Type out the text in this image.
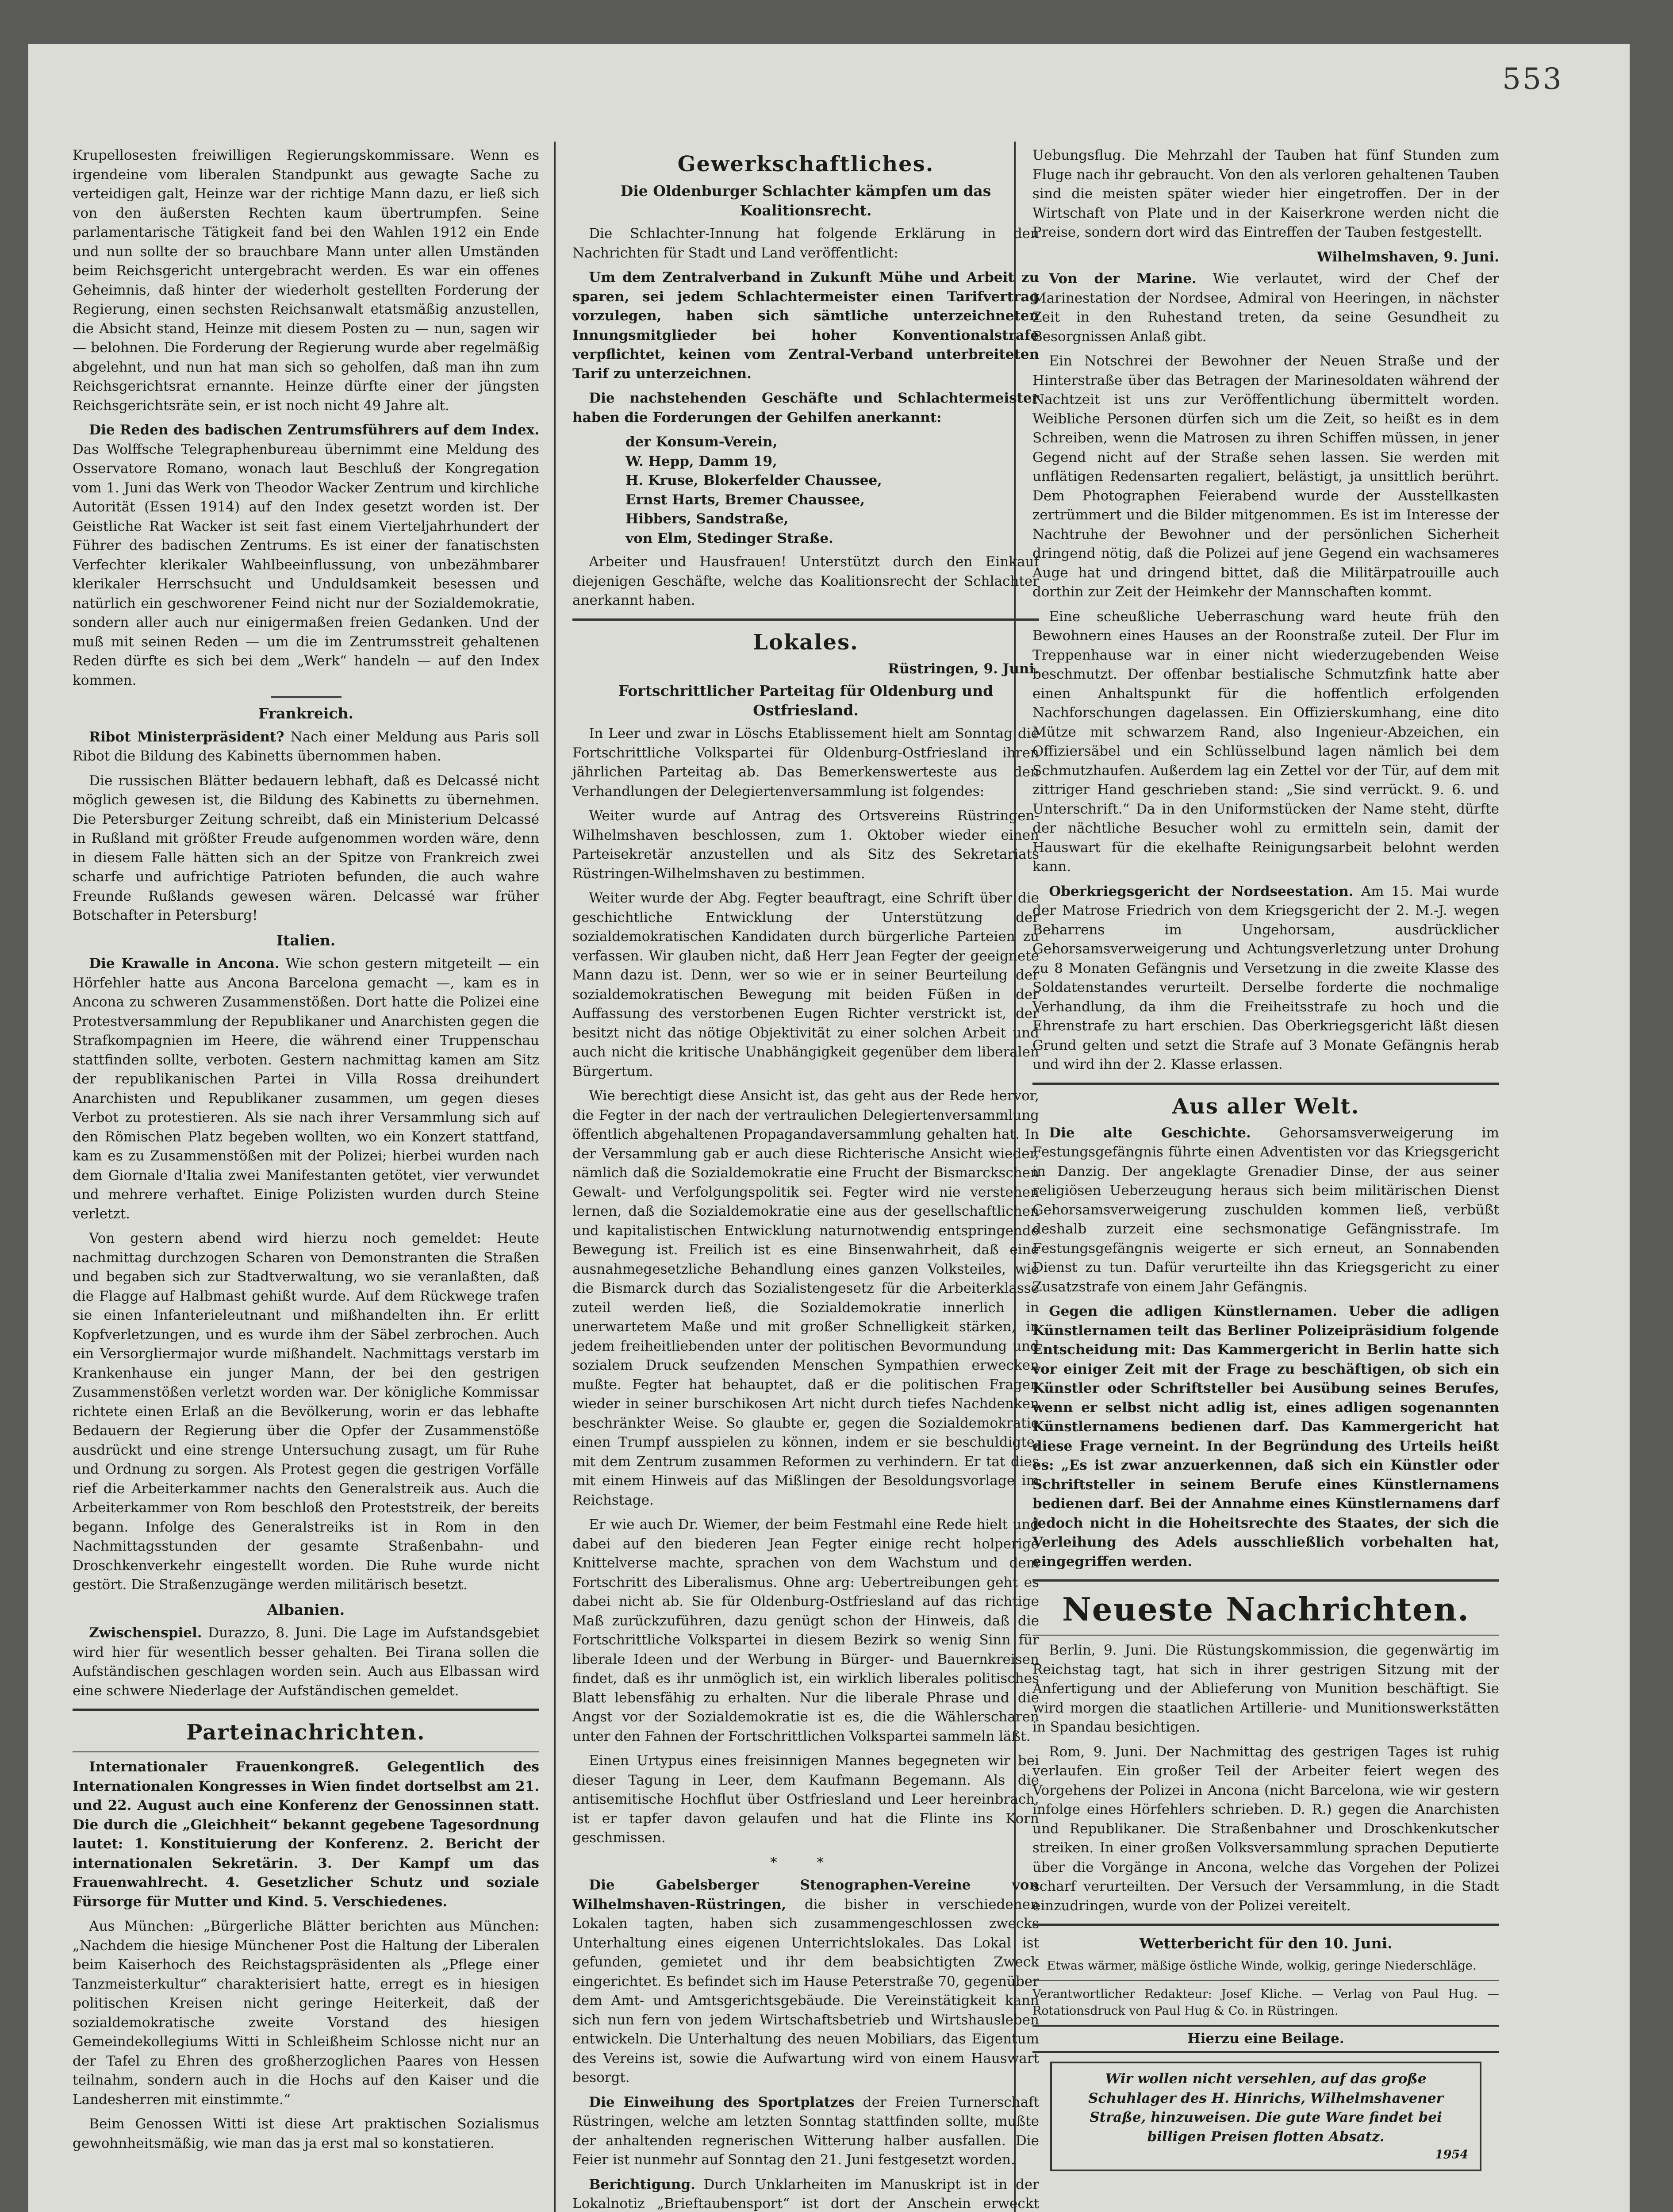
553

Krupellosesten freiwilligen Regierungskommissare. Wenn es irgendeine vom liberalen Standpunkt aus gewagte Sache zu verteidigen galt, Heinze war der richtige Mann dazu, er ließ sich von den äußersten Rechten kaum übertrumpfen. Seine parlamentarische Tätigkeit fand bei den Wahlen 1912 ein Ende und nun sollte der so brauchbare Mann unter allen Umständen beim Reichsgericht untergebracht werden. Es war ein offenes Geheimnis, daß hinter der wiederholt gestellten Forderung der Regierung, einen sechsten Reichsanwalt etatsmäßig anzustellen, die Absicht stand, Heinze mit diesem Posten zu — nun, sagen wir — belohnen. Die Forderung der Regierung wurde aber regelmäßig abgelehnt, und nun hat man sich so geholfen, daß man ihn zum Reichsgerichtsrat ernannte. Heinze dürfte einer der jüngsten Reichsgerichtsräte sein, er ist noch nicht 49 Jahre alt.

Die Reden des badischen Zentrumsführers auf dem Index. Das Wolffsche Telegraphenbureau übernimmt eine Meldung des Osservatore Romano, wonach laut Beschluß der Kongregation vom 1. Juni das Werk von Theodor Wacker Zentrum und kirchliche Autorität (Essen 1914) auf den Index gesetzt worden ist. Der Geistliche Rat Wacker ist seit fast einem Vierteljahrhundert der Führer des badischen Zentrums. Es ist einer der fanatischsten Verfechter klerikaler Wahlbeeinflussung, von unbezähmbarer klerikaler Herrschsucht und Unduldsamkeit besessen und natürlich ein geschworener Feind nicht nur der Sozialdemokratie, sondern aller auch nur einigermaßen freien Gedanken. Und der muß mit seinen Reden — um die im Zentrumsstreit gehaltenen Reden dürfte es sich bei dem „Werk“ handeln — auf den Index kommen.

Frankreich.

Ribot Ministerpräsident? Nach einer Meldung aus Paris soll Ribot die Bildung des Kabinetts übernommen haben.

Die russischen Blätter bedauern lebhaft, daß es Delcassé nicht möglich gewesen ist, die Bildung des Kabinetts zu übernehmen. Die Petersburger Zeitung schreibt, daß ein Ministerium Delcassé in Rußland mit größter Freude aufgenommen worden wäre, denn in diesem Falle hätten sich an der Spitze von Frankreich zwei scharfe und aufrichtige Patrioten befunden, die auch wahre Freunde Rußlands gewesen wären. Delcassé war früher Botschafter in Petersburg!

Italien.

Die Krawalle in Ancona. Wie schon gestern mitgeteilt — ein Hörfehler hatte aus Ancona Barcelona gemacht —, kam es in Ancona zu schweren Zusammenstößen. Dort hatte die Polizei eine Protestversammlung der Republikaner und Anarchisten gegen die Strafkompagnien im Heere, die während einer Truppenschau stattfinden sollte, verboten. Gestern nachmittag kamen am Sitz der republikanischen Partei in Villa Rossa dreihundert Anarchisten und Republikaner zusammen, um gegen dieses Verbot zu protestieren. Als sie nach ihrer Versammlung sich auf den Römischen Platz begeben wollten, wo ein Konzert stattfand, kam es zu Zusammenstößen mit der Polizei; hierbei wurden nach dem Giornale d'Italia zwei Manifestanten getötet, vier verwundet und mehrere verhaftet. Einige Polizisten wurden durch Steine verletzt.

Von gestern abend wird hierzu noch gemeldet: Heute nachmittag durchzogen Scharen von Demonstranten die Straßen und begaben sich zur Stadtverwaltung, wo sie veranlaßten, daß die Flagge auf Halbmast gehißt wurde. Auf dem Rückwege trafen sie einen Infanterieleutnant und mißhandelten ihn. Er erlitt Kopfverletzungen, und es wurde ihm der Säbel zerbrochen. Auch ein Versorgliermajor wurde mißhandelt. Nachmittags verstarb im Krankenhause ein junger Mann, der bei den gestrigen Zusammenstößen verletzt worden war. Der königliche Kommissar richtete einen Erlaß an die Bevölkerung, worin er das lebhafte Bedauern der Regierung über die Opfer der Zusammenstöße ausdrückt und eine strenge Untersuchung zusagt, um für Ruhe und Ordnung zu sorgen. Als Protest gegen die gestrigen Vorfälle rief die Arbeiterkammer nachts den Generalstreik aus. Auch die Arbeiterkammer von Rom beschloß den Proteststreik, der bereits begann. Infolge des Generalstreiks ist in Rom in den Nachmittagsstunden der gesamte Straßenbahn- und Droschkenverkehr eingestellt worden. Die Ruhe wurde nicht gestört. Die Straßenzugänge werden militärisch besetzt.

Albanien.

Zwischenspiel. Durazzo, 8. Juni. Die Lage im Aufstandsgebiet wird hier für wesentlich besser gehalten. Bei Tirana sollen die Aufständischen geschlagen worden sein. Auch aus Elbassan wird eine schwere Niederlage der Aufständischen gemeldet.

Parteinachrichten.

Internationaler Frauenkongreß. Gelegentlich des Internationalen Kongresses in Wien findet dortselbst am 21. und 22. August auch eine Konferenz der Genossinnen statt. Die durch die „Gleichheit“ bekannt gegebene Tagesordnung lautet: 1. Konstituierung der Konferenz. 2. Bericht der internationalen Sekretärin. 3. Der Kampf um das Frauenwahlrecht. 4. Gesetzlicher Schutz und soziale Fürsorge für Mutter und Kind. 5. Verschiedenes.

Aus München: „Bürgerliche Blätter berichten aus München: „Nachdem die hiesige Münchener Post die Haltung der Liberalen beim Kaiserhoch des Reichstagspräsidenten als „Pflege einer Tanzmeisterkultur“ charakterisiert hatte, erregt es in hiesigen politischen Kreisen nicht geringe Heiterkeit, daß der sozialdemokratische zweite Vorstand des hiesigen Gemeindekollegiums Witti in Schleißheim Schlosse nicht nur an der Tafel zu Ehren des großherzoglichen Paares von Hessen teilnahm, sondern auch in die Hochs auf den Kaiser und die Landesherren mit einstimmte.“

Beim Genossen Witti ist diese Art praktischen Sozialismus gewohnheitsmäßig, wie man das ja erst mal so konstatieren.

Gewerkschaftliches.
Die Oldenburger Schlachter kämpfen um das Koalitionsrecht.

Die Schlachter-Innung hat folgende Erklärung in den Nachrichten für Stadt und Land veröffentlicht:

Um dem Zentralverband in Zukunft Mühe und Arbeit zu sparen, sei jedem Schlachtermeister einen Tarifvertrag vorzulegen, haben sich sämtliche unterzeichneten Innungsmitglieder bei hoher Konventionalstrafe verpflichtet, keinen vom Zentral-Verband unterbreiteten Tarif zu unterzeichnen.

Die nachstehenden Geschäfte und Schlachtermeister haben die Forderungen der Gehilfen anerkannt:

der Konsum-Verein,
W. Hepp, Damm 19,
H. Kruse, Blokerfelder Chaussee,
Ernst Harts, Bremer Chaussee,
Hibbers, Sandstraße,
von Elm, Stedinger Straße.

Arbeiter und Hausfrauen! Unterstützt durch den Einkauf diejenigen Geschäfte, welche das Koalitionsrecht der Schlachter anerkannt haben.

Lokales.
Rüstringen, 9. Juni.
Fortschrittlicher Parteitag für Oldenburg und Ostfriesland.

In Leer und zwar in Löschs Etablissement hielt am Sonntag die Fortschrittliche Volkspartei für Oldenburg-Ostfriesland ihren jährlichen Parteitag ab. Das Bemerkenswerteste aus den Verhandlungen der Delegiertenversammlung ist folgendes:

Weiter wurde auf Antrag des Ortsvereins Rüstringen-Wilhelmshaven beschlossen, zum 1. Oktober wieder einen Parteisekretär anzustellen und als Sitz des Sekretariats Rüstringen-Wilhelmshaven zu bestimmen.

Weiter wurde der Abg. Fegter beauftragt, eine Schrift über die geschichtliche Entwicklung der Unterstützung der sozialdemokratischen Kandidaten durch bürgerliche Parteien zu verfassen. Wir glauben nicht, daß Herr Jean Fegter der geeignete Mann dazu ist. Denn, wer so wie er in seiner Beurteilung der sozialdemokratischen Bewegung mit beiden Füßen in der Auffassung des verstorbenen Eugen Richter verstrickt ist, der besitzt nicht das nötige Objektivität zu einer solchen Arbeit und auch nicht die kritische Unabhängigkeit gegenüber dem liberalen Bürgertum.

Wie berechtigt diese Ansicht ist, das geht aus der Rede hervor, die Fegter in der nach der vertraulichen Delegiertenversammlung öffentlich abgehaltenen Propagandaversammlung gehalten hat. In der Versammlung gab er auch diese Richterische Ansicht wieder, nämlich daß die Sozialdemokratie eine Frucht der Bismarckschen Gewalt- und Verfolgungspolitik sei. Fegter wird nie verstehen lernen, daß die Sozialdemokratie eine aus der gesellschaftlichen und kapitalistischen Entwicklung naturnotwendig entspringende Bewegung ist. Freilich ist es eine Binsenwahrheit, daß eine ausnahmegesetzliche Behandlung eines ganzen Volksteiles, wie die Bismarck durch das Sozialistengesetz für die Arbeiterklasse zuteil werden ließ, die Sozialdemokratie innerlich in unerwartetem Maße und mit großer Schnelligkeit stärken, in jedem freiheitliebenden unter der politischen Bevormundung und sozialem Druck seufzenden Menschen Sympathien erwecken mußte. Fegter hat behauptet, daß er die politischen Fragen wieder in seiner burschikosen Art nicht durch tiefes Nachdenken beschränkter Weise. So glaubte er, gegen die Sozialdemokratie einen Trumpf ausspielen zu können, indem er sie beschuldigte, mit dem Zentrum zusammen Reformen zu verhindern. Er tat dies mit einem Hinweis auf das Mißlingen der Besoldungsvorlage im Reichstage.

Er wie auch Dr. Wiemer, der beim Festmahl eine Rede hielt und dabei auf den biederen Jean Fegter einige recht holperige Knittelverse machte, sprachen von dem Wachstum und dem Fortschritt des Liberalismus. Ohne arg: Uebertreibungen geht es dabei nicht ab. Sie für Oldenburg-Ostfriesland auf das richtige Maß zurückzuführen, dazu genügt schon der Hinweis, daß die Fortschrittliche Volkspartei in diesem Bezirk so wenig Sinn für liberale Ideen und der Werbung in Bürger- und Bauernkreisen findet, daß es ihr unmöglich ist, ein wirklich liberales politisches Blatt lebensfähig zu erhalten. Nur die liberale Phrase und die Angst vor der Sozialdemokratie ist es, die die Wählerscharen unter den Fahnen der Fortschrittlichen Volkspartei sammeln läßt.

Einen Urtypus eines freisinnigen Mannes begegneten wir bei dieser Tagung in Leer, dem Kaufmann Begemann. Als die antisemitische Hochflut über Ostfriesland und Leer hereinbrach, ist er tapfer davon gelaufen und hat die Flinte ins Korn geschmissen.

* *

Die Gabelsberger Stenographen-Vereine von Wilhelmshaven-Rüstringen, die bisher in verschiedenen Lokalen tagten, haben sich zusammengeschlossen zwecks Unterhaltung eines eigenen Unterrichtslokales. Das Lokal ist gefunden, gemietet und ihr dem beabsichtigten Zweck eingerichtet. Es befindet sich im Hause Peterstraße 70, gegenüber dem Amt- und Amtsgerichtsgebäude. Die Vereinstätigkeit kann sich nun fern von jedem Wirtschaftsbetrieb und Wirtshausleben entwickeln. Die Unterhaltung des neuen Mobiliars, das Eigentum des Vereins ist, sowie die Aufwartung wird von einem Hauswart besorgt.

Die Einweihung des Sportplatzes der Freien Turnerschaft Rüstringen, welche am letzten Sonntag stattfinden sollte, mußte der anhaltenden regnerischen Witterung halber ausfallen. Die Feier ist nunmehr auf Sonntag den 21. Juni festgesetzt worden.

Berichtigung. Durch Unklarheiten im Manuskript ist in der Lokalnotiz „Brieftaubensport“ ist dort der Anschein erweckt

Uebungsflug. Die Mehrzahl der Tauben hat fünf Stunden zum Fluge nach ihr gebraucht. Von den als verloren gehaltenen Tauben sind die meisten später wieder hier eingetroffen. Der in der Wirtschaft von Plate und in der Kaiserkrone werden nicht die Preise, sondern dort wird das Eintreffen der Tauben festgestellt.

Wilhelmshaven, 9. Juni.

Von der Marine. Wie verlautet, wird der Chef der Marinestation der Nordsee, Admiral von Heeringen, in nächster Zeit in den Ruhestand treten, da seine Gesundheit zu Besorgnissen Anlaß gibt.

Ein Notschrei der Bewohner der Neuen Straße und der Hinterstraße über das Betragen der Marinesoldaten während der Nachtzeit ist uns zur Veröffentlichung übermittelt worden. Weibliche Personen dürfen sich um die Zeit, so heißt es in dem Schreiben, wenn die Matrosen zu ihren Schiffen müssen, in jener Gegend nicht auf der Straße sehen lassen. Sie werden mit unflätigen Redensarten regaliert, belästigt, ja unsittlich berührt. Dem Photographen Feierabend wurde der Ausstellkasten zertrümmert und die Bilder mitgenommen. Es ist im Interesse der Nachtruhe der Bewohner und der persönlichen Sicherheit dringend nötig, daß die Polizei auf jene Gegend ein wachsameres Auge hat und dringend bittet, daß die Militärpatrouille auch dorthin zur Zeit der Heimkehr der Mannschaften kommt.

Eine scheußliche Ueberraschung ward heute früh den Bewohnern eines Hauses an der Roonstraße zuteil. Der Flur im Treppenhause war in einer nicht wiederzugebenden Weise beschmutzt. Der offenbar bestialische Schmutzfink hatte aber einen Anhaltspunkt für die hoffentlich erfolgenden Nachforschungen dagelassen. Ein Offizierskumhang, eine dito Mütze mit schwarzem Rand, also Ingenieur-Abzeichen, ein Offiziersäbel und ein Schlüsselbund lagen nämlich bei dem Schmutzhaufen. Außerdem lag ein Zettel vor der Tür, auf dem mit zittriger Hand geschrieben stand: „Sie sind verrückt. 9. 6. und Unterschrift.“ Da in den Uniformstücken der Name steht, dürfte der nächtliche Besucher wohl zu ermitteln sein, damit der Hauswart für die ekelhafte Reinigungsarbeit belohnt werden kann.

Oberkriegsgericht der Nordseestation. Am 15. Mai wurde der Matrose Friedrich von dem Kriegsgericht der 2. M.-J. wegen Beharrens im Ungehorsam, ausdrücklicher Gehorsamsverweigerung und Achtungsverletzung unter Drohung zu 8 Monaten Gefängnis und Versetzung in die zweite Klasse des Soldatenstandes verurteilt. Derselbe forderte die nochmalige Verhandlung, da ihm die Freiheitsstrafe zu hoch und die Ehrenstrafe zu hart erschien. Das Oberkriegsgericht läßt diesen Grund gelten und setzt die Strafe auf 3 Monate Gefängnis herab und wird ihn der 2. Klasse erlassen.

Aus aller Welt.

Die alte Geschichte. Gehorsamsverweigerung im Festungsgefängnis führte einen Adventisten vor das Kriegsgericht in Danzig. Der angeklagte Grenadier Dinse, der aus seiner religiösen Ueberzeugung heraus sich beim militärischen Dienst Gehorsamsverweigerung zuschulden kommen ließ, verbüßt deshalb zurzeit eine sechsmonatige Gefängnisstrafe. Im Festungsgefängnis weigerte er sich erneut, an Sonnabenden Dienst zu tun. Dafür verurteilte ihn das Kriegsgericht zu einer Zusatzstrafe von einem Jahr Gefängnis.

Gegen die adligen Künstlernamen. Ueber die adligen Künstlernamen teilt das Berliner Polizeipräsidium folgende Entscheidung mit: Das Kammergericht in Berlin hatte sich vor einiger Zeit mit der Frage zu beschäftigen, ob sich ein Künstler oder Schriftsteller bei Ausübung seines Berufes, wenn er selbst nicht adlig ist, eines adligen sogenannten Künstlernamens bedienen darf. Das Kammergericht hat diese Frage verneint. In der Begründung des Urteils heißt es: „Es ist zwar anzuerkennen, daß sich ein Künstler oder Schriftsteller in seinem Berufe eines Künstlernamens bedienen darf. Bei der Annahme eines Künstlernamens darf jedoch nicht in die Hoheitsrechte des Staates, der sich die Verleihung des Adels ausschließlich vorbehalten hat, eingegriffen werden.

Neueste Nachrichten.

Berlin, 9. Juni. Die Rüstungskommission, die gegenwärtig im Reichstag tagt, hat sich in ihrer gestrigen Sitzung mit der Anfertigung und der Ablieferung von Munition beschäftigt. Sie wird morgen die staatlichen Artillerie- und Munitionswerkstätten in Spandau besichtigen.

Rom, 9. Juni. Der Nachmittag des gestrigen Tages ist ruhig verlaufen. Ein großer Teil der Arbeiter feiert wegen des Vorgehens der Polizei in Ancona (nicht Barcelona, wie wir gestern infolge eines Hörfehlers schrieben. D. R.) gegen die Anarchisten und Republikaner. Die Straßenbahner und Droschkenkutscher streiken. In einer großen Volksversammlung sprachen Deputierte über die Vorgänge in Ancona, welche das Vorgehen der Polizei scharf verurteilten. Der Versuch der Versammlung, in die Stadt einzudringen, wurde von der Polizei vereitelt.

Wetterbericht für den 10. Juni.

Etwas wärmer, mäßige östliche Winde, wolkig, geringe Niederschläge.

Verantwortlicher Redakteur: Josef Kliche. — Verlag von Paul Hug. — Rotationsdruck von Paul Hug & Co. in Rüstringen.

Hierzu eine Beilage.
Wir wollen nicht versehlen, auf das große Schuhlager des H. Hinrichs, Wilhelmshavener Straße, hinzuweisen. Die gute Ware findet bei billigen Preisen flotten Absatz.
1954
